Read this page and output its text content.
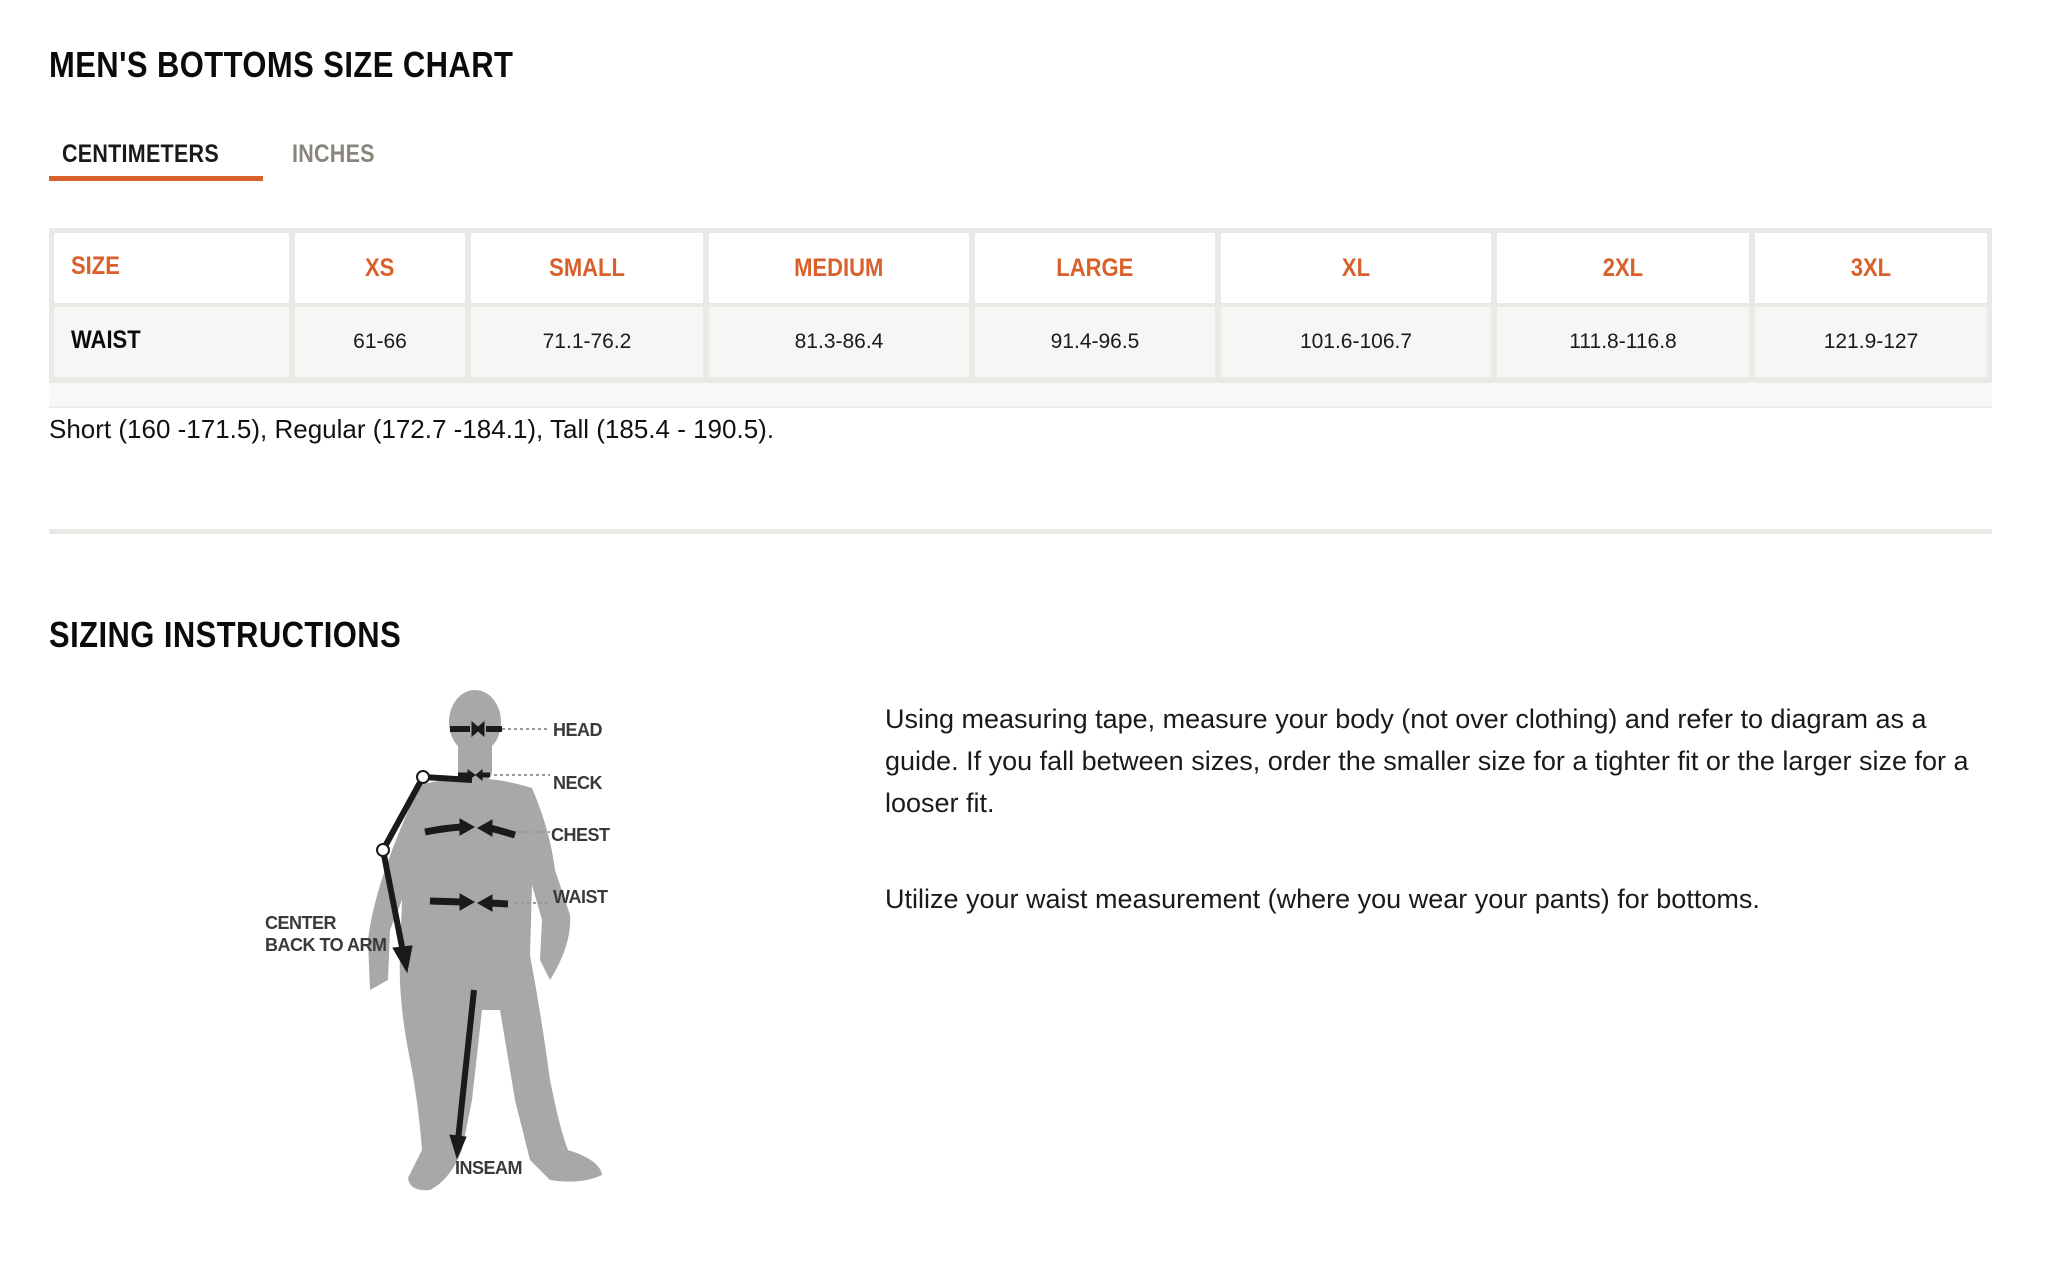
MEN'S BOTTOMS SIZE CHART
CENTIMETERS	INCHES
SIZE	XS	SMALL	MEDIUM	LARGE	XL	2XL	3XL
WAIST	61-66	71.1-76.2	81.3-86.4	91.4-96.5	101.6-106.7	111.8-116.8	121.9-127
Short (160 -171.5), Regular (172.7 -184.1), Tall (185.4 - 190.5).
SIZING INSTRUCTIONS
HEAD
NECK
CHEST
WAIST
CENTER
BACK TO ARM
INSEAM

Using measuring tape, measure your body (not over clothing) and refer to diagram as a guide. If you fall between sizes, order the smaller size for a tighter fit or the larger size for a looser fit.

Utilize your waist measurement (where you wear your pants) for bottoms.
